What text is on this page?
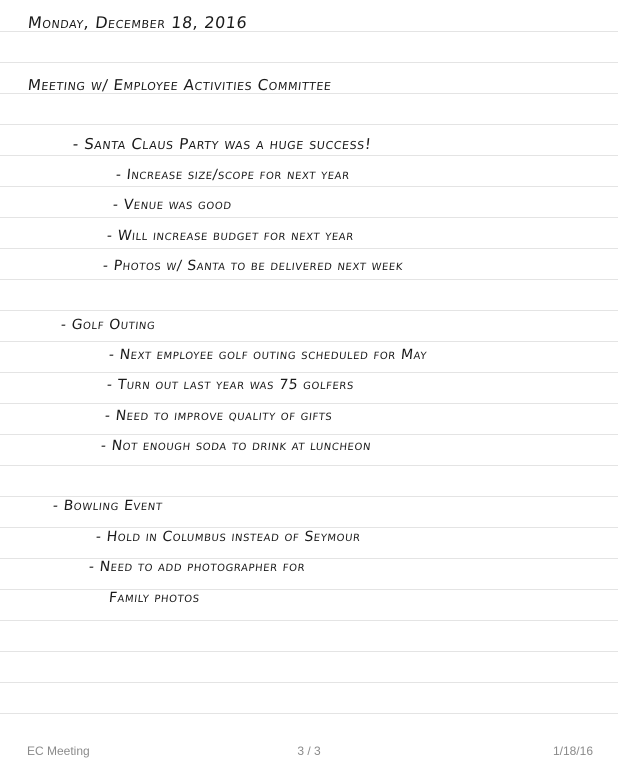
Monday, December 18, 2016
Meeting w/ Employee Activities Committee
- Santa Claus Party was a huge success!
- Increase size/scope for next year
- Venue was good
- Will increase budget for next year
- Photos w/ Santa to be delivered next week
- Golf Outing
- Next employee golf outing scheduled for May
- Turn out last year was 75 golfers
- Need to improve quality of gifts
- Not enough soda to drink at luncheon
- Bowling Event
- Hold in Columbus instead of Seymour
- Need to add photographer for
Family photos
EC Meeting	3 / 3	1/18/16
